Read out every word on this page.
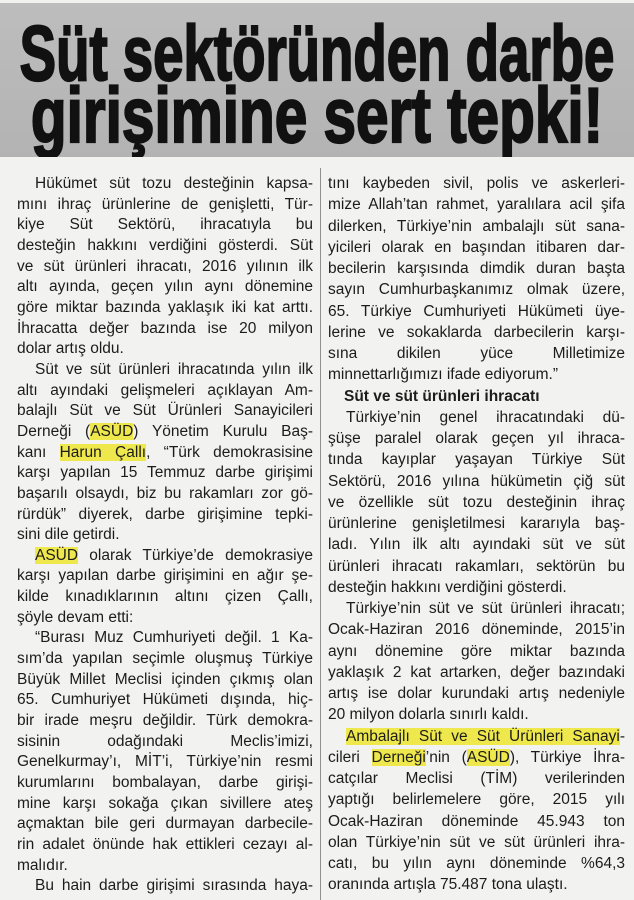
Süt sektöründen darbe
girişimine sert tepki!
Hükümet süt tozu desteğinin kapsa-
mını ihraç ürünlerine de genişletti, Tür-
kiye Süt Sektörü, ihracatıyla bu
desteğin hakkını verdiğini gösterdi. Süt
ve süt ürünleri ihracatı, 2016 yılının ilk
altı ayında, geçen yılın aynı dönemine
göre miktar bazında yaklaşık iki kat arttı.
İhracatta değer bazında ise 20 milyon
dolar artış oldu.
Süt ve süt ürünleri ihracatında yılın ilk
altı ayındaki gelişmeleri açıklayan Am-
balajlı Süt ve Süt Ürünleri Sanayicileri
Derneği (ASÜD) Yönetim Kurulu Baş-
kanı Harun Çallı, “Türk demokrasisine
karşı yapılan 15 Temmuz darbe girişimi
başarılı olsaydı, biz bu rakamları zor gö-
rürdük” diyerek, darbe girişimine tepki-
sini dile getirdi.
ASÜD olarak Türkiye’de demokrasiye
karşı yapılan darbe girişimini en ağır şe-
kilde kınadıklarının altını çizen Çallı,
şöyle devam etti:
“Burası Muz Cumhuriyeti değil. 1 Ka-
sım’da yapılan seçimle oluşmuş Türkiye
Büyük Millet Meclisi içinden çıkmış olan
65. Cumhuriyet Hükümeti dışında, hiç-
bir irade meşru değildir. Türk demokra-
sisinin odağındaki Meclis’imizi,
Genelkurmay’ı, MİT’i, Türkiye’nin resmi
kurumlarını bombalayan, darbe girişi-
mine karşı sokağa çıkan sivillere ateş
açmaktan bile geri durmayan darbecile-
rin adalet önünde hak ettikleri cezayı al-
malıdır.
Bu hain darbe girişimi sırasında haya-
tını kaybeden sivil, polis ve askerleri-
mize Allah’tan rahmet, yaralılara acil şifa
dilerken, Türkiye’nin ambalajlı süt sana-
yicileri olarak en başından itibaren dar-
becilerin karşısında dimdik duran başta
sayın Cumhurbaşkanımız olmak üzere,
65. Türkiye Cumhuriyeti Hükümeti üye-
lerine ve sokaklarda darbecilerin karşı-
sına dikilen yüce Milletimize
minnettarlığımızı ifade ediyorum.”
Süt ve süt ürünleri ihracatı
Türkiye’nin genel ihracatındaki dü-
şüşe paralel olarak geçen yıl ihraca-
tında kayıplar yaşayan Türkiye Süt
Sektörü, 2016 yılına hükümetin çiğ süt
ve özellikle süt tozu desteğinin ihraç
ürünlerine genişletilmesi kararıyla baş-
ladı. Yılın ilk altı ayındaki süt ve süt
ürünleri ihracatı rakamları, sektörün bu
desteğin hakkını verdiğini gösterdi.
Türkiye’nin süt ve süt ürünleri ihracatı;
Ocak-Haziran 2016 döneminde, 2015’in
aynı dönemine göre miktar bazında
yaklaşık 2 kat artarken, değer bazındaki
artış ise dolar kurundaki artış nedeniyle
20 milyon dolarla sınırlı kaldı.
Ambalajlı Süt ve Süt Ürünleri Sanayi-
cileri Derneği’nin (ASÜD), Türkiye İhra-
catçılar Meclisi (TİM) verilerinden
yaptığı belirlemelere göre, 2015 yılı
Ocak-Haziran döneminde 45.943 ton
olan Türkiye’nin süt ve süt ürünleri ihra-
catı, bu yılın aynı döneminde %64,3
oranında artışla 75.487 tona ulaştı.
